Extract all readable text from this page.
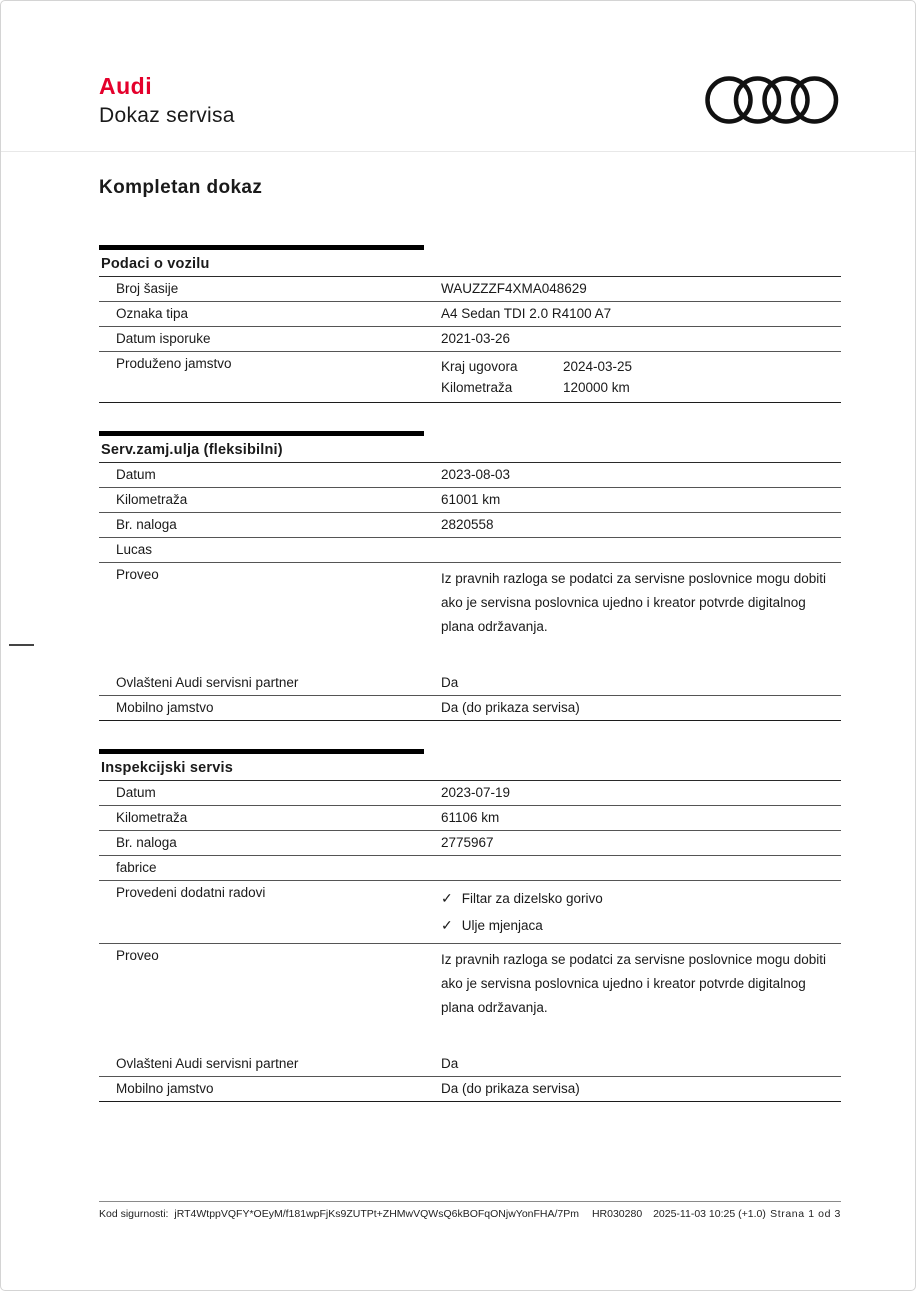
Audi
Dokaz servisa
Kompletan dokaz
Podaci o vozilu
Broj šasije	WAUZZZF4XMA048629
Oznaka tipa	A4 Sedan TDI 2.0 R4100 A7
Datum isporuke	2021-03-26
Produženo jamstvo	Kraj ugovora	2024-03-25
Kilometraža	120000 km
Serv.zamj.ulja (fleksibilni)
Datum	2023-08-03
Kilometraža	61001 km
Br. naloga	2820558
Lucas
Proveo	Iz pravnih razloga se podatci za servisne poslovnice mogu dobiti ako je servisna poslovnica ujedno i kreator potvrde digitalnog plana održavanja.
Ovlašteni Audi servisni partner	Da
Mobilno jamstvo	Da (do prikaza servisa)
Inspekcijski servis
Datum	2023-07-19
Kilometraža	61106 km
Br. naloga	2775967
fabrice
Provedeni dodatni radovi	✓ Filtar za dizelsko gorivo
✓ Ulje mjenjaca
Proveo	Iz pravnih razloga se podatci za servisne poslovnice mogu dobiti ako je servisna poslovnica ujedno i kreator potvrde digitalnog plana održavanja.
Ovlašteni Audi servisni partner	Da
Mobilno jamstvo	Da (do prikaza servisa)
Kod sigurnosti: jRT4WtppVQFY*OEyM/f181wpFjKs9ZUTPt+ZHMwVQWsQ6kBOFqONjwYonFHA/7Pm HR030280 2025-11-03 10:25 (+1.0) Strana 1 od 3
